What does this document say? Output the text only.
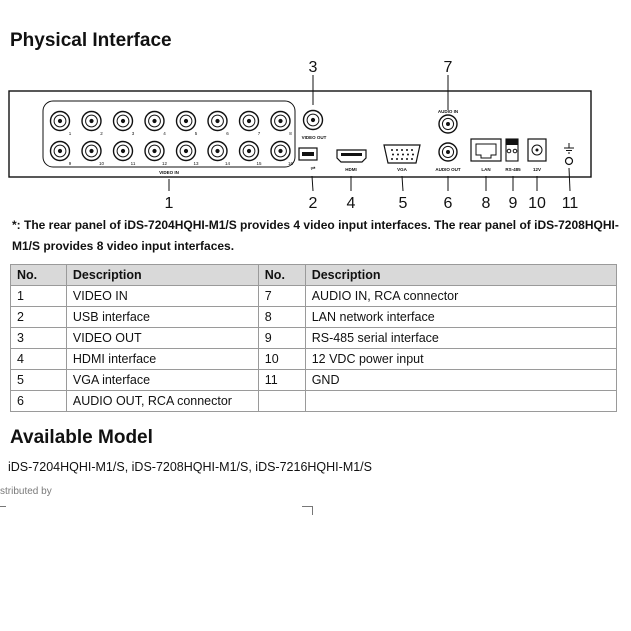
Physical Interface
1
9
2
10
3
11
4
12
5
13
6
14
7
15
8
16
VIDEO IN
VIDEO OUT
⇌	HDMI	VGA
AUDIO IN
AUDIO OUT	LAN	RS-485	12V
3	7
1	2 4	5 6 8 9 10 11
*: The rear panel of iDS-7204HQHI-M1/S provides 4 video input interfaces. The rear panel of iDS-7208HQHI-M1/S provides 8 video input interfaces.
No.	Description	No.	Description
1	VIDEO IN	7	AUDIO IN, RCA connector
2	USB interface	8	LAN network interface
3	VIDEO OUT	9	RS-485 serial interface
4	HDMI interface	10	12 VDC power input
5	VGA interface	11	GND
6	AUDIO OUT, RCA connector		
Available Model
iDS-7204HQHI-M1/S, iDS-7208HQHI-M1/S, iDS-7216HQHI-M1/S
stributed by
